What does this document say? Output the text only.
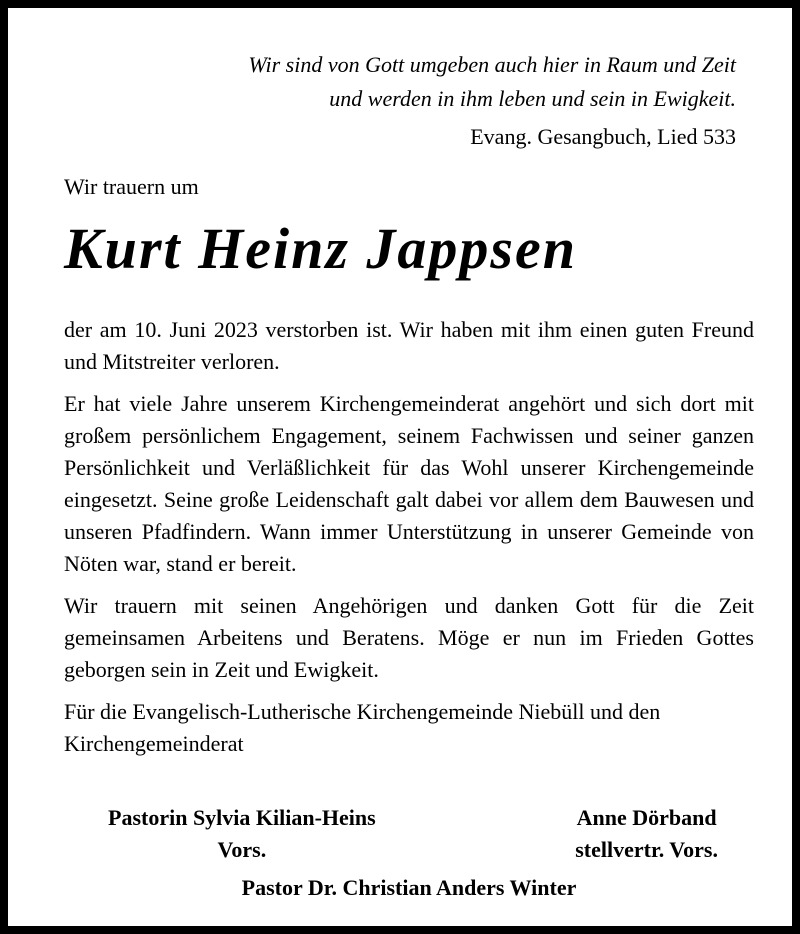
Wir sind von Gott umgeben auch hier in Raum und Zeit
und werden in ihm leben und sein in Ewigkeit.
Evang. Gesangbuch, Lied 533
Wir trauern um
Kurt Heinz Jappsen

der am 10. Juni 2023 verstorben ist. Wir haben mit ihm einen guten Freund und Mitstreiter verloren.

Er hat viele Jahre unserem Kirchengemeinderat angehört und sich dort mit großem persönlichem Engagement, seinem Fachwissen und seiner ganzen Persönlichkeit und Verläßlichkeit für das Wohl unserer Kirchengemeinde eingesetzt. Seine große Leidenschaft galt dabei vor allem dem Bauwesen und unseren Pfadfindern. Wann immer Unterstützung in unserer Gemeinde von Nöten war, stand er bereit.

Wir trauern mit seinen Angehörigen und danken Gott für die Zeit gemeinsamen Arbeitens und Beratens. Möge er nun im Frieden Gottes geborgen sein in Zeit und Ewigkeit.

Für die Evangelisch-Lutherische Kirchengemeinde Niebüll und den Kirchengemeinderat

Pastorin Sylvia Kilian-Heins
Vors.
Anne Dörband
stellvertr. Vors.
Pastor Dr. Christian Anders Winter
